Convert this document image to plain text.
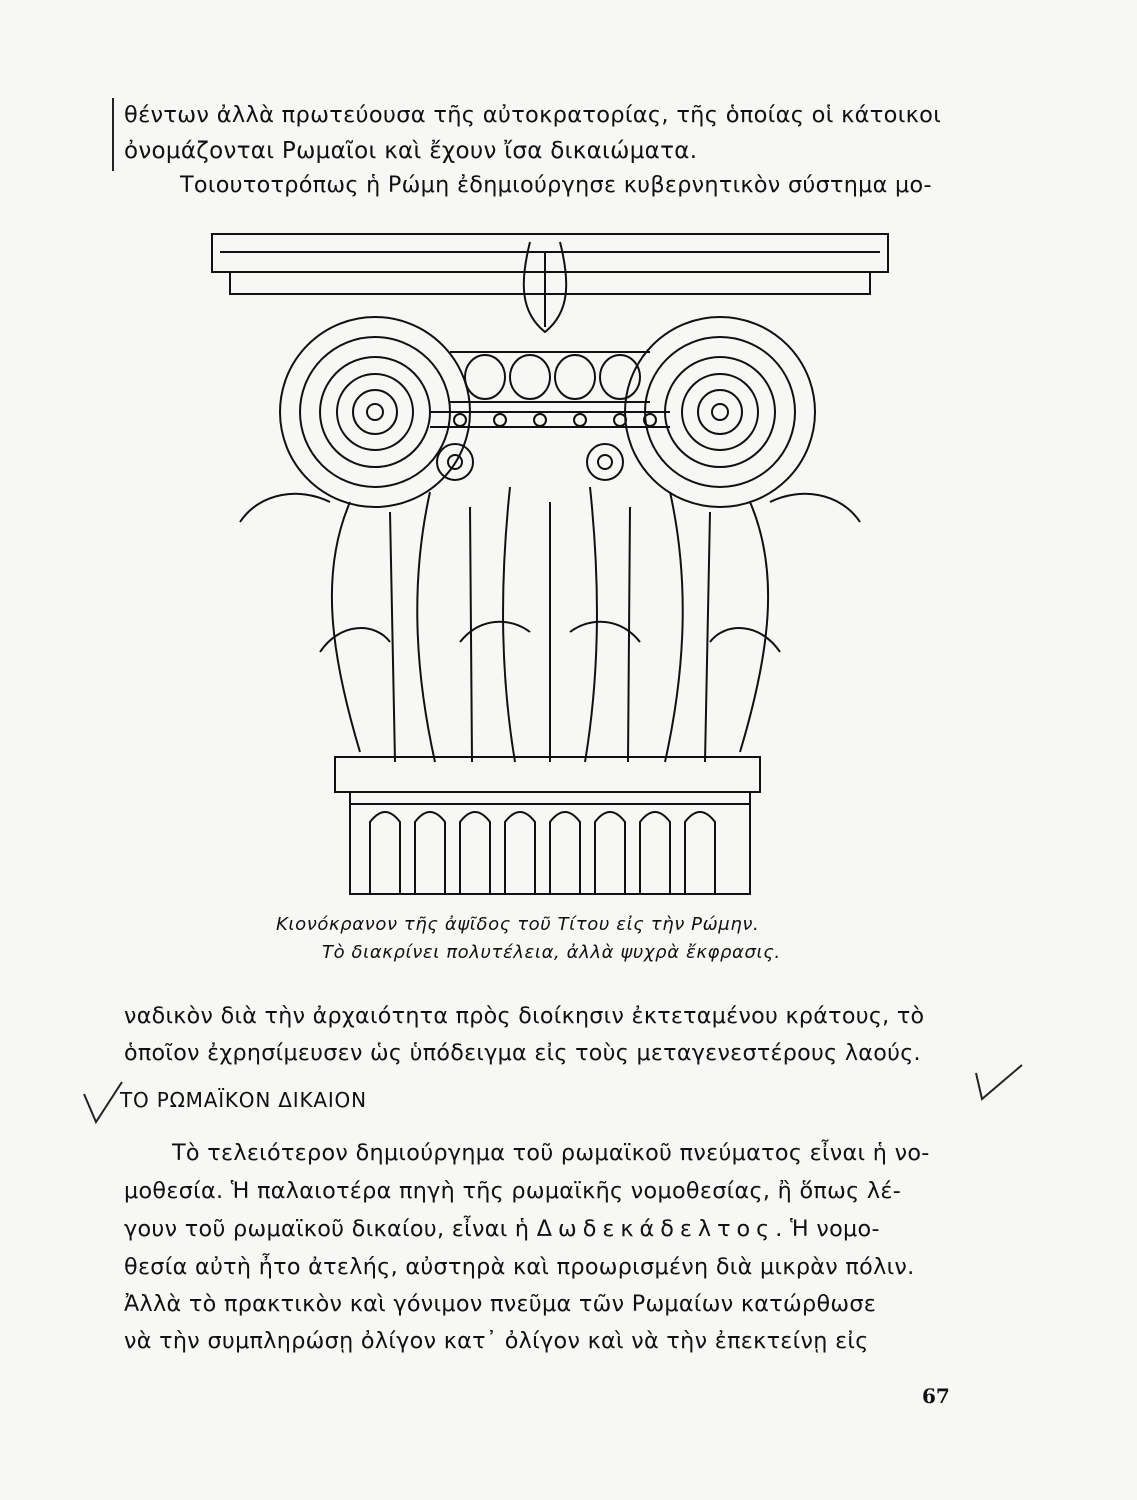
θέντων ἀλλὰ πρωτεύουσα τῆς αὐτοκρατορίας, τῆς ὁποίας οἱ κάτοικοι
ὀνομάζονται Ρωμαῖοι καὶ ἔχουν ἴσα δικαιώματα.
Τοιουτοτρόπως ἡ Ρώμη ἐδημιούργησε κυβερνητικὸν σύστημα μο-
Κιονόκρανον τῆς ἀψῖδος τοῦ Τίτου εἰς τὴν Ρώμην.
Τὸ διακρίνει πολυτέλεια, ἀλλὰ ψυχρὰ ἔκφρασις.
ναδικὸν διὰ τὴν ἀρχαιότητα πρὸς διοίκησιν ἐκτεταμένου κράτους, τὸ
ὁποῖον ἐχρησίμευσεν ὡς ὑπόδειγμα εἰς τοὺς μεταγενεστέρους λαούς.
ΤΟ ΡΩΜΑΪΚΟΝ ΔΙΚΑΙΟΝ
Τὸ τελειότερον δημιούργημα τοῦ ρωμαϊκοῦ πνεύματος εἶναι ἡ νο-
μοθεσία. Ἡ παλαιοτέρα πηγὴ τῆς ρωμαϊκῆς νομοθεσίας, ἢ ὅπως λέ-
γουν τοῦ ρωμαϊκοῦ δικαίου, εἶναι ἡ Δωδεκάδελτος. Ἡ νομο-
θεσία αὐτὴ ἦτο ἀτελής, αὐστηρὰ καὶ προωρισμένη διὰ μικρὰν πόλιν.
Ἀλλὰ τὸ πρακτικὸν καὶ γόνιμον πνεῦμα τῶν Ρωμαίων κατώρθωσε
νὰ τὴν συμπληρώσῃ ὀλίγον κατ᾽ ὀλίγον καὶ νὰ τὴν ἐπεκτείνῃ εἰς
67
